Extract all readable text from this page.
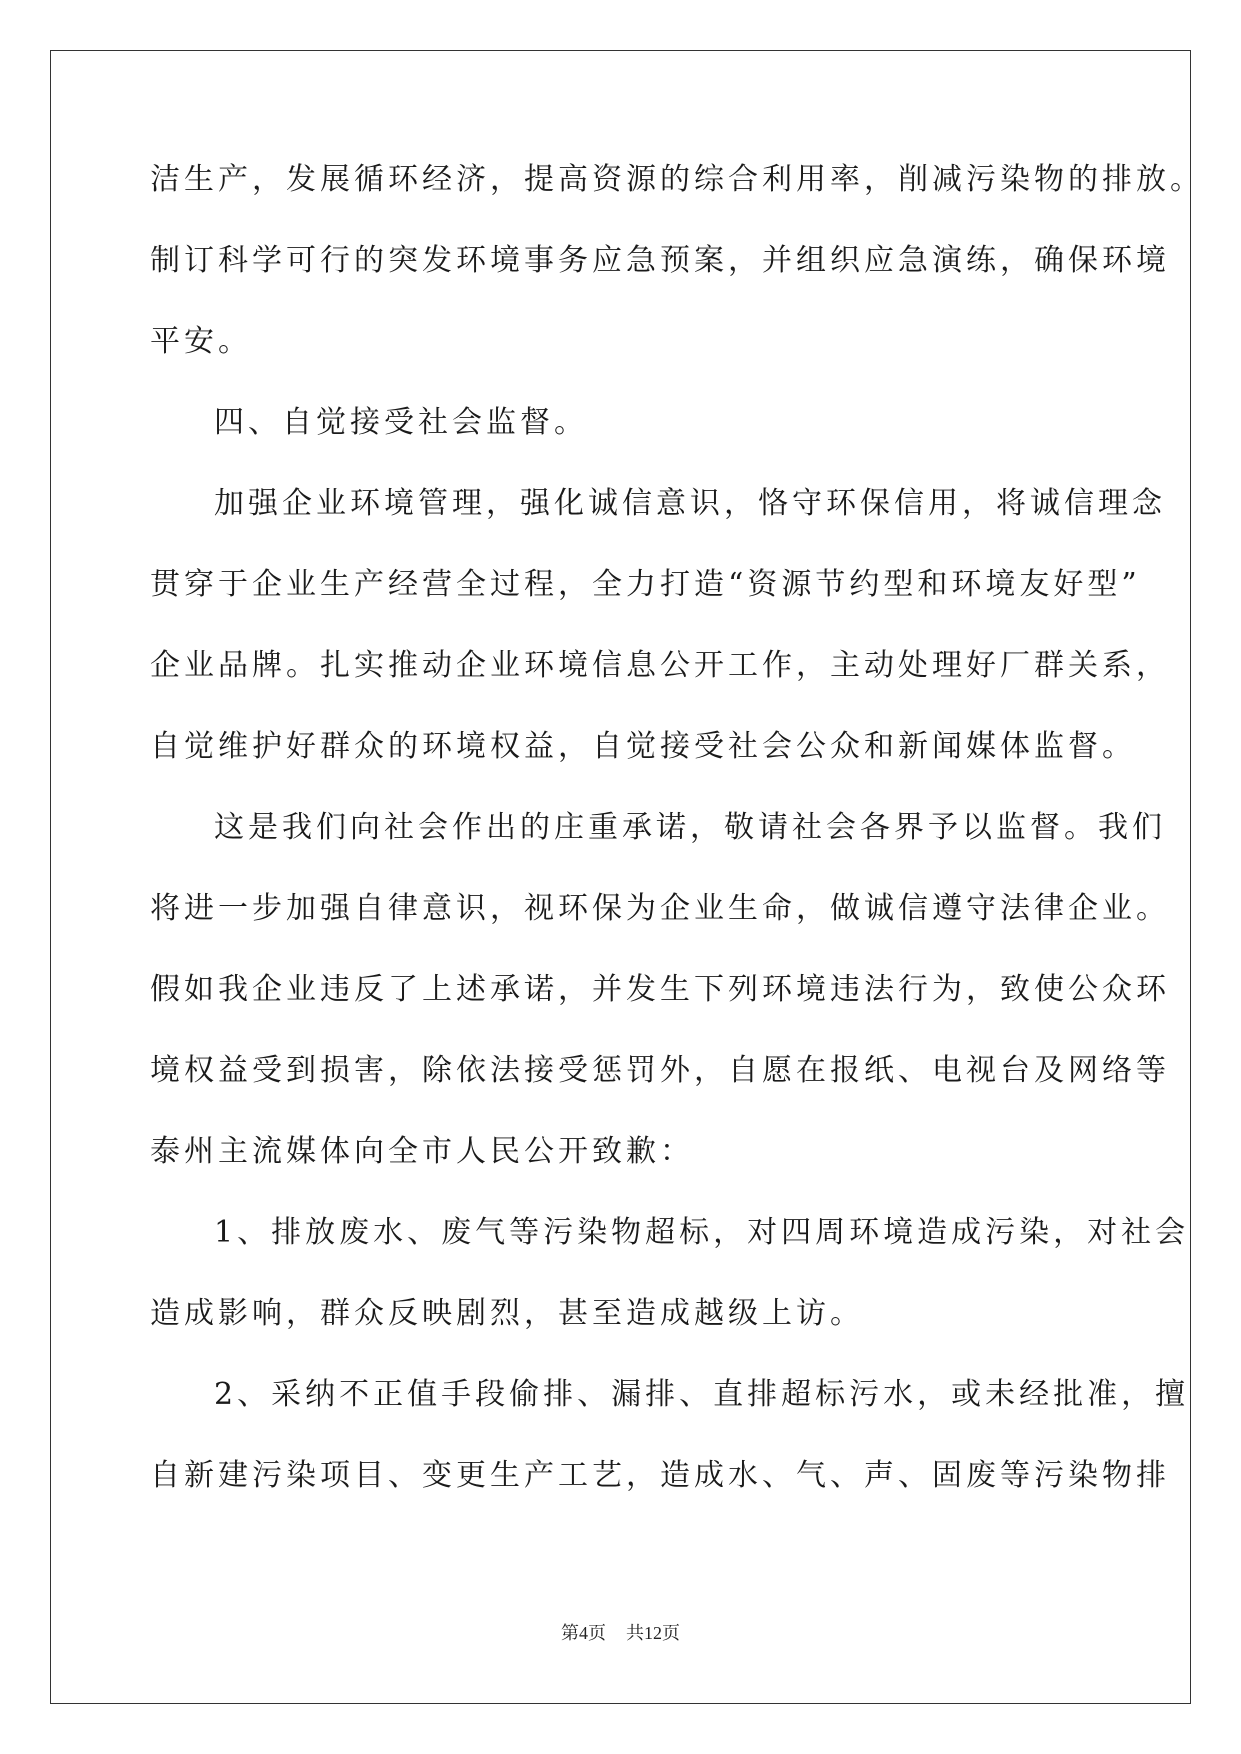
洁生产，发展循环经济，提高资源的综合利用率，削减污染物的排放。
制订科学可行的突发环境事务应急预案，并组织应急演练，确保环境
平安。
四、自觉接受社会监督。
加强企业环境管理，强化诚信意识，恪守环保信用，将诚信理念
贯穿于企业生产经营全过程，全力打造“资源节约型和环境友好型”
企业品牌。扎实推动企业环境信息公开工作，主动处理好厂群关系，
自觉维护好群众的环境权益，自觉接受社会公众和新闻媒体监督。
这是我们向社会作出的庄重承诺，敬请社会各界予以监督。我们
将进一步加强自律意识，视环保为企业生命，做诚信遵守法律企业。
假如我企业违反了上述承诺，并发生下列环境违法行为，致使公众环
境权益受到损害，除依法接受惩罚外，自愿在报纸、电视台及网络等
泰州主流媒体向全市人民公开致歉：
1、排放废水、废气等污染物超标，对四周环境造成污染，对社会
造成影响，群众反映剧烈，甚至造成越级上访。
2、采纳不正值手段偷排、漏排、直排超标污水，或未经批准，擅
自新建污染项目、变更生产工艺，造成水、气、声、固废等污染物排
第4页 共12页
